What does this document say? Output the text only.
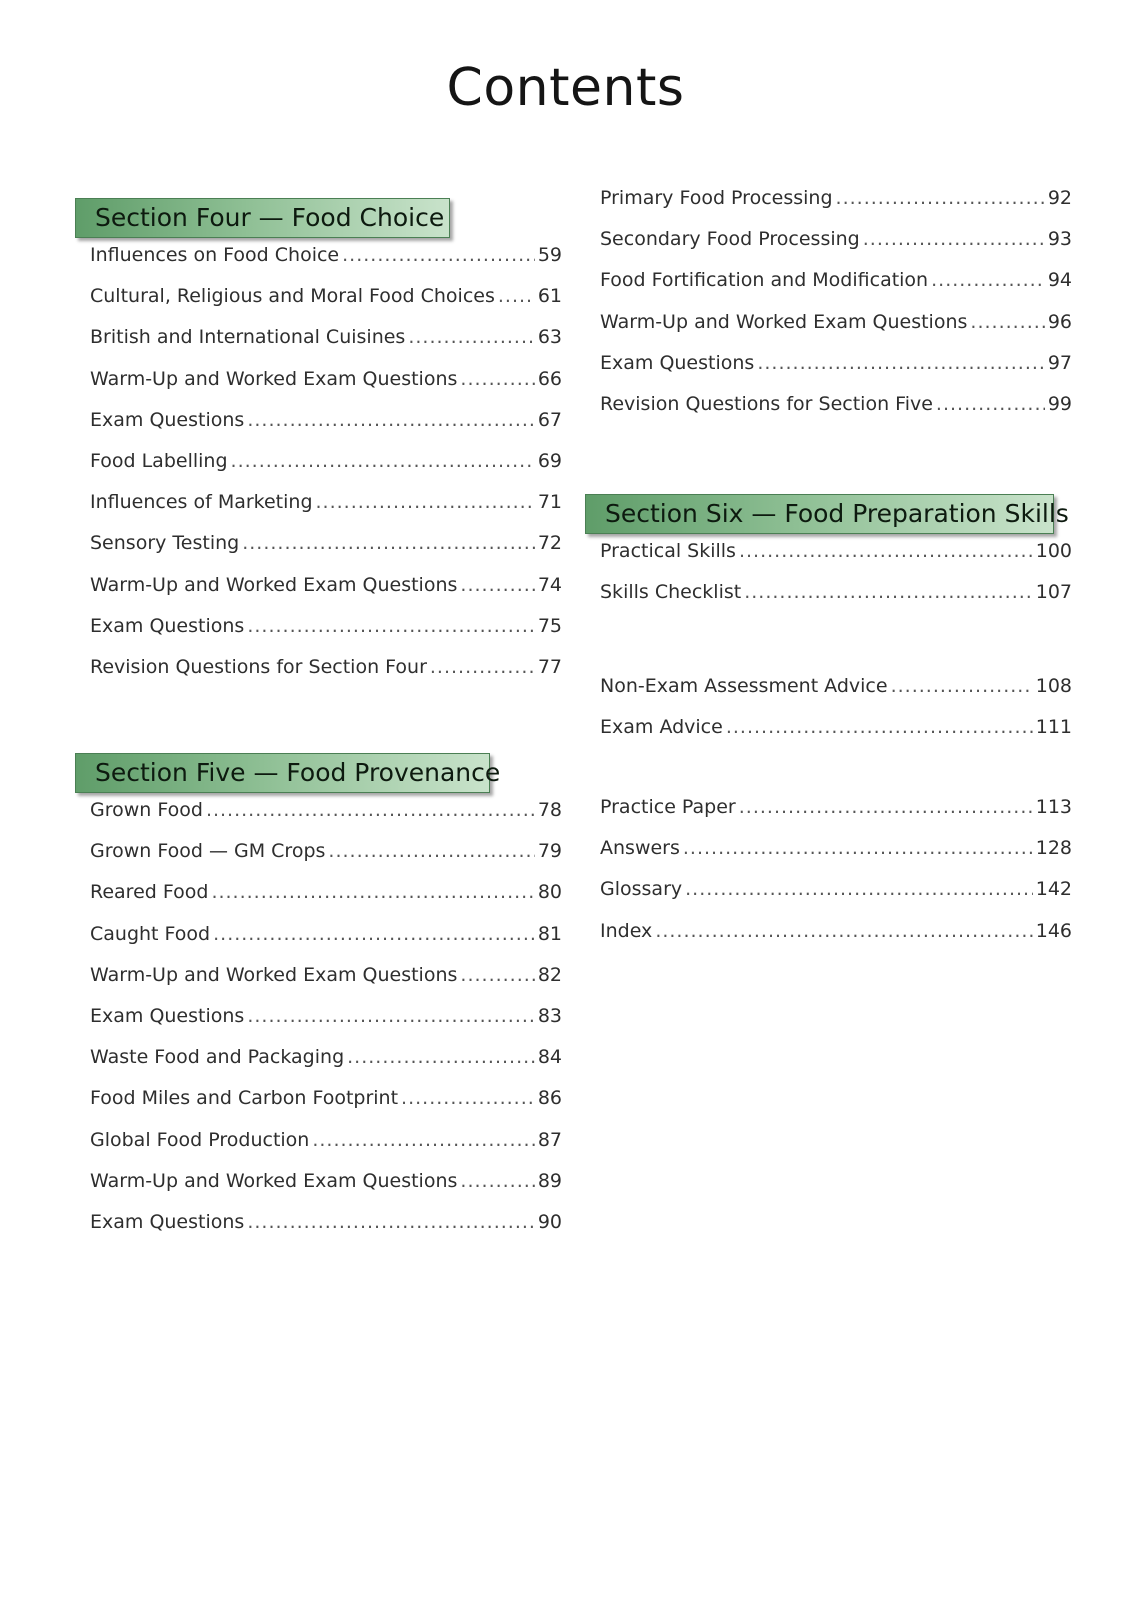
Contents
Section Four — Food Choice
Influences on Food Choice .....	59
Cultural, Religious and Moral Food Choices ..... 61
British and International Cuisines .....	63
Warm-Up and Worked Exam Questions .....	66
Exam Questions .....	67
Food Labelling .....	69
Influences of Marketing .....	71
Sensory Testing .....	72
Warm-Up and Worked Exam Questions .....	74
Exam Questions .....	75
Revision Questions for Section Four .....	77
Section Five — Food Provenance
Grown Food .....	78
Grown Food — GM Crops .....	79
Reared Food .....	80
Caught Food .....	81
Warm-Up and Worked Exam Questions .....	82
Exam Questions .....	83
Waste Food and Packaging .....	84
Food Miles and Carbon Footprint .....	86
Global Food Production .....	87
Warm-Up and Worked Exam Questions .....	89
Exam Questions .....	90
Primary Food Processing .....	92
Secondary Food Processing .....	93
Food Fortification and Modification .....	94
Warm-Up and Worked Exam Questions .....	96
Exam Questions .....	97
Revision Questions for Section Five .....	99
Section Six — Food Preparation Skills
Practical Skills .....	100
Skills Checklist .....	107
Non-Exam Assessment Advice .....	108
Exam Advice .....	111
Practice Paper .....	113
Answers .....	128
Glossary .....	142
Index .....	146
